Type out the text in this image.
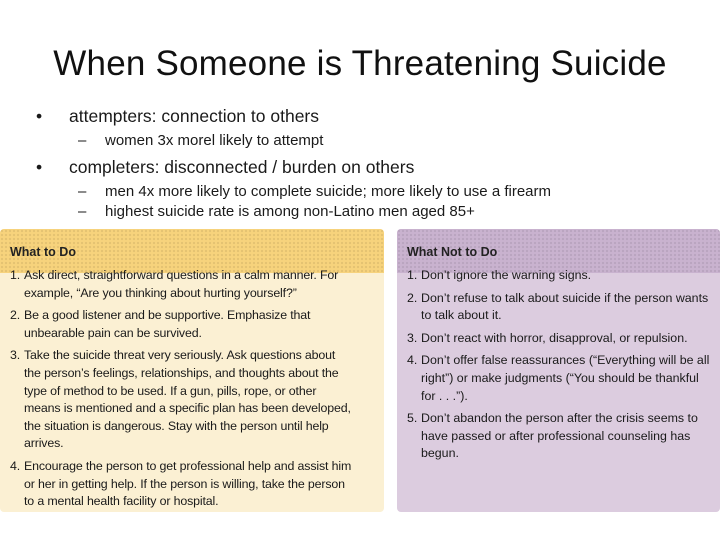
When Someone is Threatening Suicide
•	attempters: connection to others
–	women 3x morel likely to attempt
•	completers: disconnected / burden on others
–	men 4x more likely to complete suicide; more likely to use a firearm
–	highest suicide rate is among non-Latino men aged 85+
What to Do
1. Ask direct, straightforward questions in a calm manner. For example, “Are you thinking about hurting yourself?”
2. Be a good listener and be supportive. Emphasize that unbearable pain can be survived.
3. Take the suicide threat very seriously. Ask questions about the person’s feelings, relationships, and thoughts about the type of method to be used. If a gun, pills, rope, or other means is mentioned and a specific plan has been developed, the situation is dangerous. Stay with the person until help arrives.
4. Encourage the person to get professional help and assist him or her in getting help. If the person is willing, take the person to a mental health facility or hospital.
What Not to Do
1. Don’t ignore the warning signs.
2. Don’t refuse to talk about suicide if the person wants to talk about it.
3. Don’t react with horror, disapproval, or repulsion.
4. Don’t offer false reassurances (“Everything will be all right”) or make judgments (“You should be thankful for . . .”).
5. Don’t abandon the person after the crisis seems to have passed or after professional counseling has begun.
